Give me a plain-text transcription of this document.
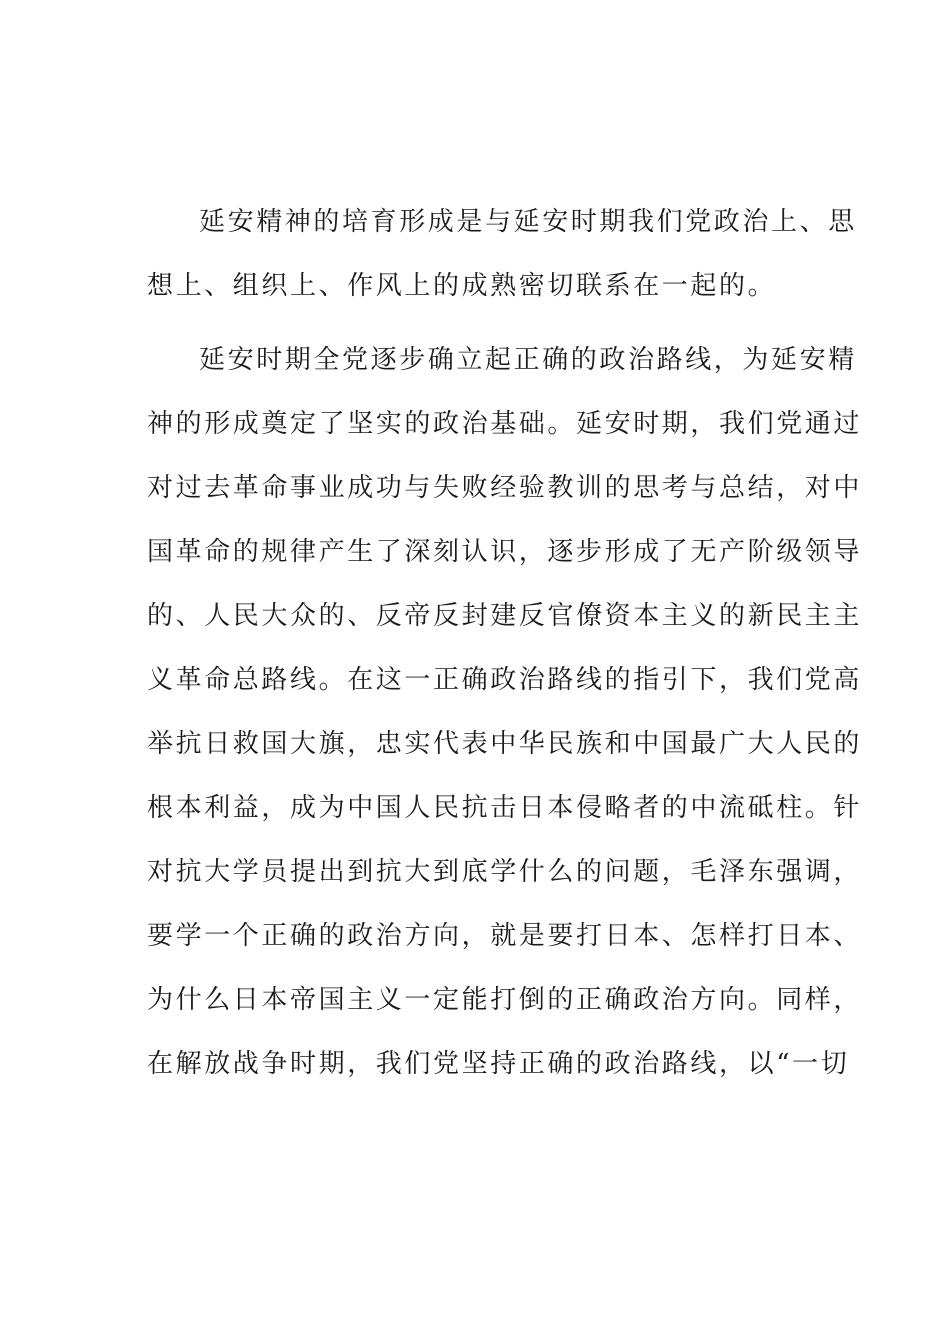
延安精神的培育形成是与延安时期我们党政治上、思
想上、组织上、作风上的成熟密切联系在一起的。

延安时期全党逐步确立起正确的政治路线，为延安精
神的形成奠定了坚实的政治基础。延安时期，我们党通过
对过去革命事业成功与失败经验教训的思考与总结，对中
国革命的规律产生了深刻认识，逐步形成了无产阶级领导
的、人民大众的、反帝反封建反官僚资本主义的新民主主
义革命总路线。在这一正确政治路线的指引下，我们党高
举抗日救国大旗，忠实代表中华民族和中国最广大人民的
根本利益，成为中国人民抗击日本侵略者的中流砥柱。针
对抗大学员提出到抗大到底学什么的问题，毛泽东强调，
要学一个正确的政治方向，就是要打日本、怎样打日本、
为什么日本帝国主义一定能打倒的正确政治方向。同样，
在解放战争时期，我们党坚持正确的政治路线，以“一切
